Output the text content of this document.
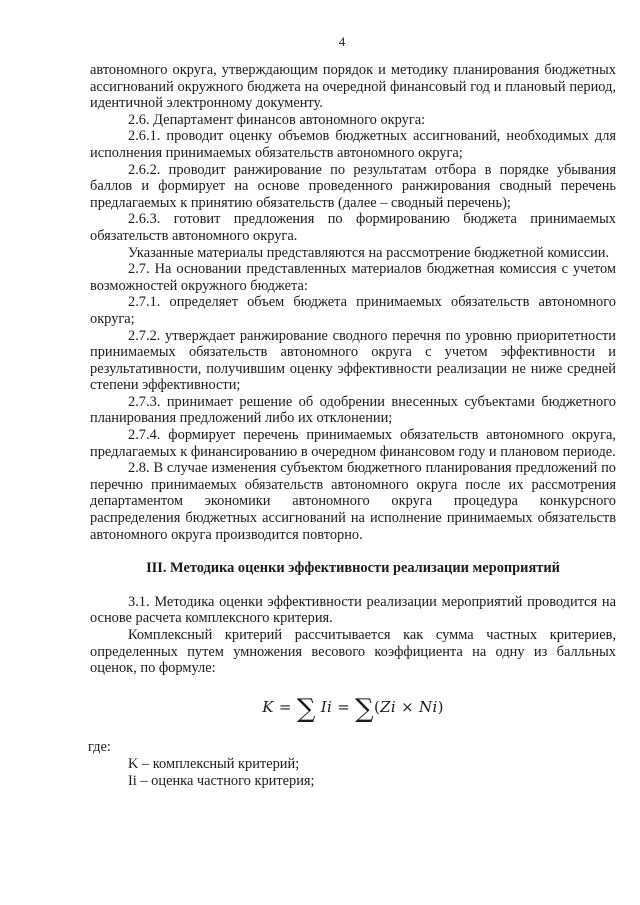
4

автономного округа, утверждающим порядок и методику планирования бюджетных ассигнований окружного бюджета на очередной финансовый год и плановый период, идентичной электронному документу.

2.6. Департамент финансов автономного округа:

2.6.1. проводит оценку объемов бюджетных ассигнований, необходимых для исполнения принимаемых обязательств автономного округа;

2.6.2. проводит ранжирование по результатам отбора в порядке убывания баллов и формирует на основе проведенного ранжирования сводный перечень предлагаемых к принятию обязательств (далее – сводный перечень);

2.6.3. готовит предложения по формированию бюджета принимаемых обязательств автономного округа.

Указанные материалы представляются на рассмотрение бюджетной комиссии.

2.7. На основании представленных материалов бюджетная комиссия с учетом возможностей окружного бюджета:

2.7.1. определяет объем бюджета принимаемых обязательств автономного округа;

2.7.2. утверждает ранжирование сводного перечня по уровню приоритетности принимаемых обязательств автономного округа с учетом эффективности и результативности, получившим оценку эффективности реализации не ниже средней степени эффективности;

2.7.3. принимает решение об одобрении внесенных субъектами бюджетного планирования предложений либо их отклонении;

2.7.4. формирует перечень принимаемых обязательств автономного округа, предлагаемых к финансированию в очередном финансовом году и плановом периоде.

2.8. В случае изменения субъектом бюджетного планирования предложений по перечню принимаемых обязательств автономного округа после их рассмотрения департаментом экономики автономного округа процедура конкурсного распределения бюджетных ассигнований на исполнение принимаемых обязательств автономного округа производится повторно.

III. Методика оценки эффективности реализации мероприятий

3.1. Методика оценки эффективности реализации мероприятий проводится на основе расчета комплексного критерия.

Комплексный критерий рассчитывается как сумма частных критериев, определенных путем умножения весового коэффициента на одну из балльных оценок, по формуле:

K = ∑ Ii = ∑(Zi × Ni)

где:

K – комплексный критерий;

Ii – оценка частного критерия;
